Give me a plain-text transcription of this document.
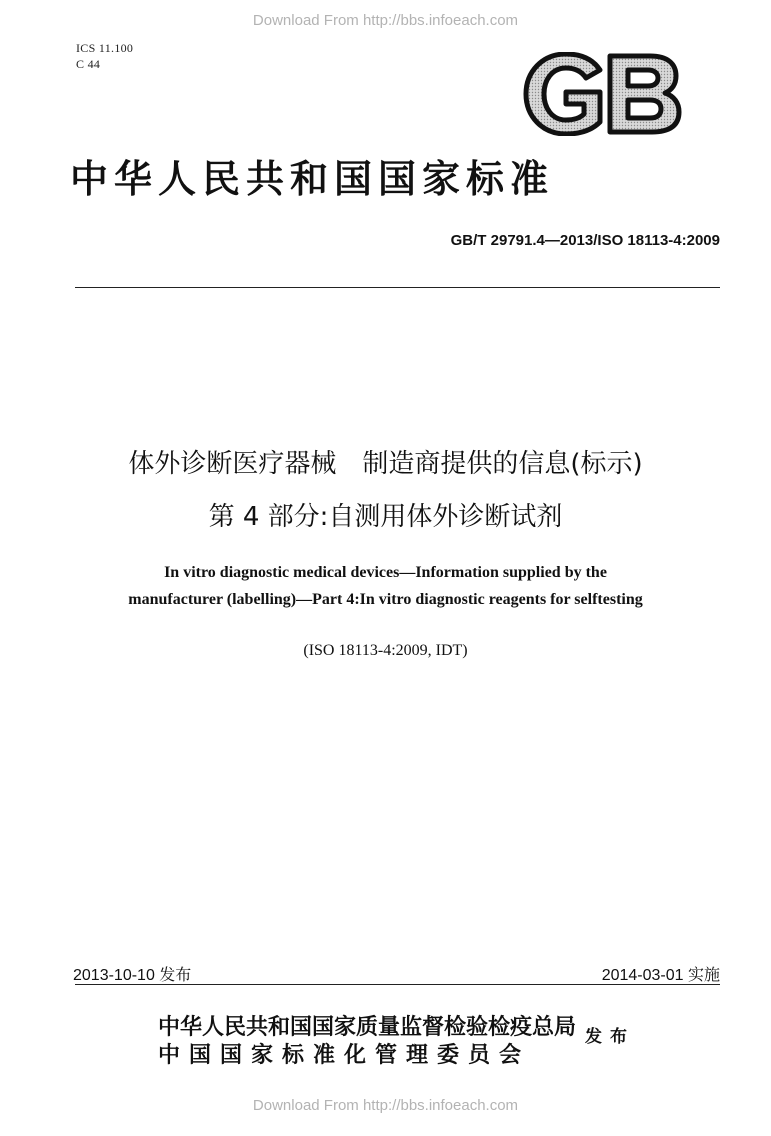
Download From http://bbs.infoeach.com
ICS 11.100
C 44
中华人民共和国国家标准
GB/T 29791.4—2013/ISO 18113-4:2009
体外诊断医疗器械　制造商提供的信息(标示)
第 4 部分:自测用体外诊断试剂
In vitro diagnostic medical devices—Information supplied by the
manufacturer (labelling)—Part 4:In vitro diagnostic reagents for selftesting
(ISO 18113-4:2009, IDT)
2013-10-10 发布	2014-03-01 实施
中华人民共和国国家质量监督检验检疫总局
中国国家标准化管理委员会
发布
Download From http://bbs.infoeach.com
